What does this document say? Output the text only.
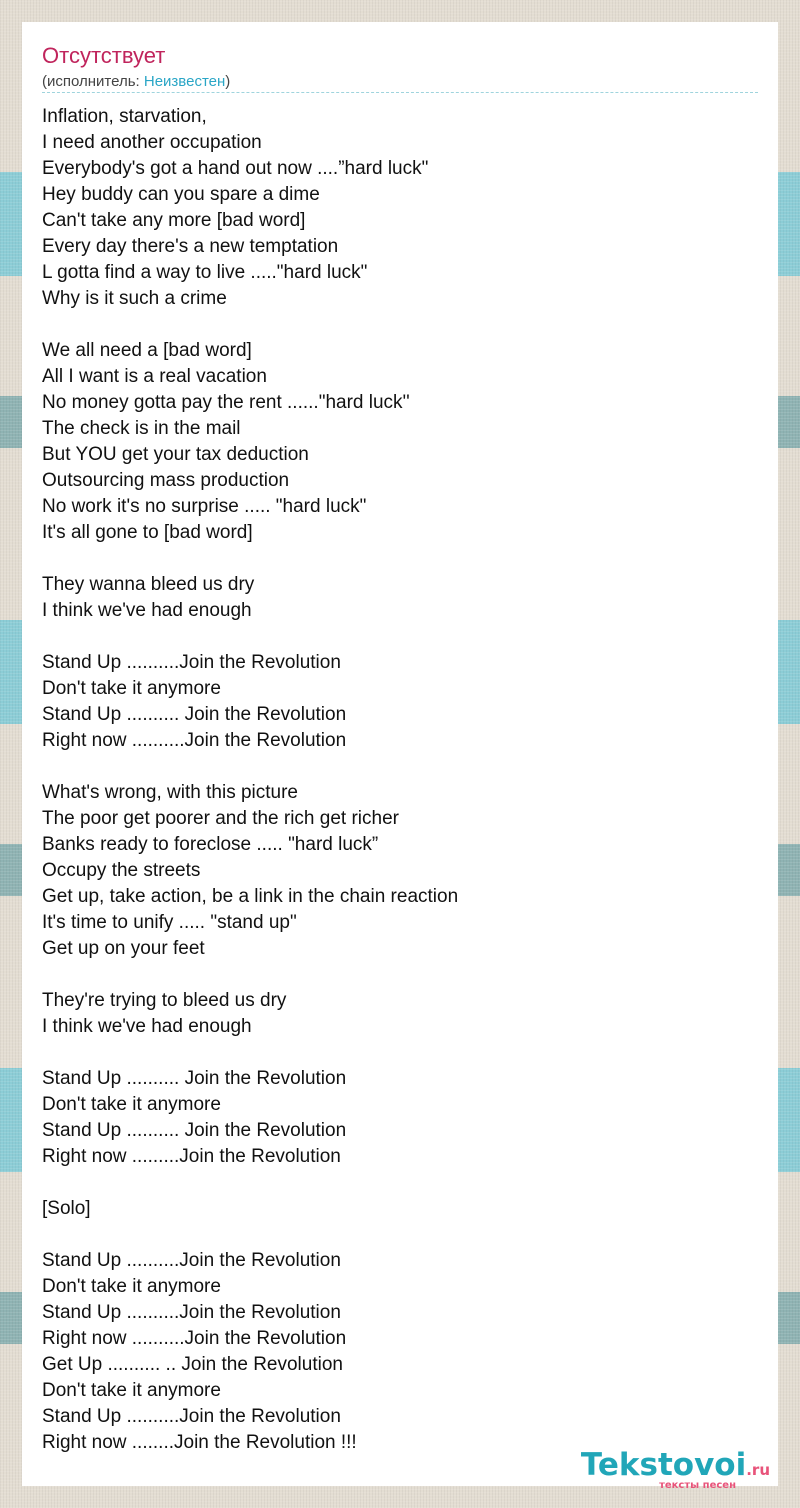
Отсутствует
(исполнитель: Неизвестен)
Inflation, starvation,
I need another occupation
Everybody's got a hand out now ....”hard luck"
Hey buddy can you spare a dime
Can't take any more [bad word]
Every day there's a new temptation
L gotta find a way to live ....."hard luck"
Why is it such a crime

We all need a [bad word]
All I want is a real vacation
No money gotta pay the rent ......"hard luck''
The check is in the mail
But YOU get your tax deduction
Outsourcing mass production
No work it's no surprise ..... "hard luck"
It's all gone to [bad word]

They wanna bleed us dry
I think we've had enough

Stand Up ..........Join the Revolution
Don't take it anymore
Stand Up .......... Join the Revolution
Right now ..........Join the Revolution

What's wrong, with this picture
The poor get poorer and the rich get richer
Banks ready to foreclose ..... "hard luck”
Occupy the streets
Get up, take action, be a link in the chain reaction
It's time to unify ..... "stand up"
Get up on your feet

They're trying to bleed us dry
I think we've had enough

Stand Up .......... Join the Revolution
Don't take it anymore
Stand Up .......... Join the Revolution
Right now .........Join the Revolution

[Solo]

Stand Up ..........Join the Revolution
Don't take it anymore
Stand Up ..........Join the Revolution
Right now ..........Join the Revolution
Get Up .......... .. Join the Revolution
Don't take it anymore
Stand Up ..........Join the Revolution
Right now ........Join the Revolution !!!
Tekstovoi.ru
тексты песен
